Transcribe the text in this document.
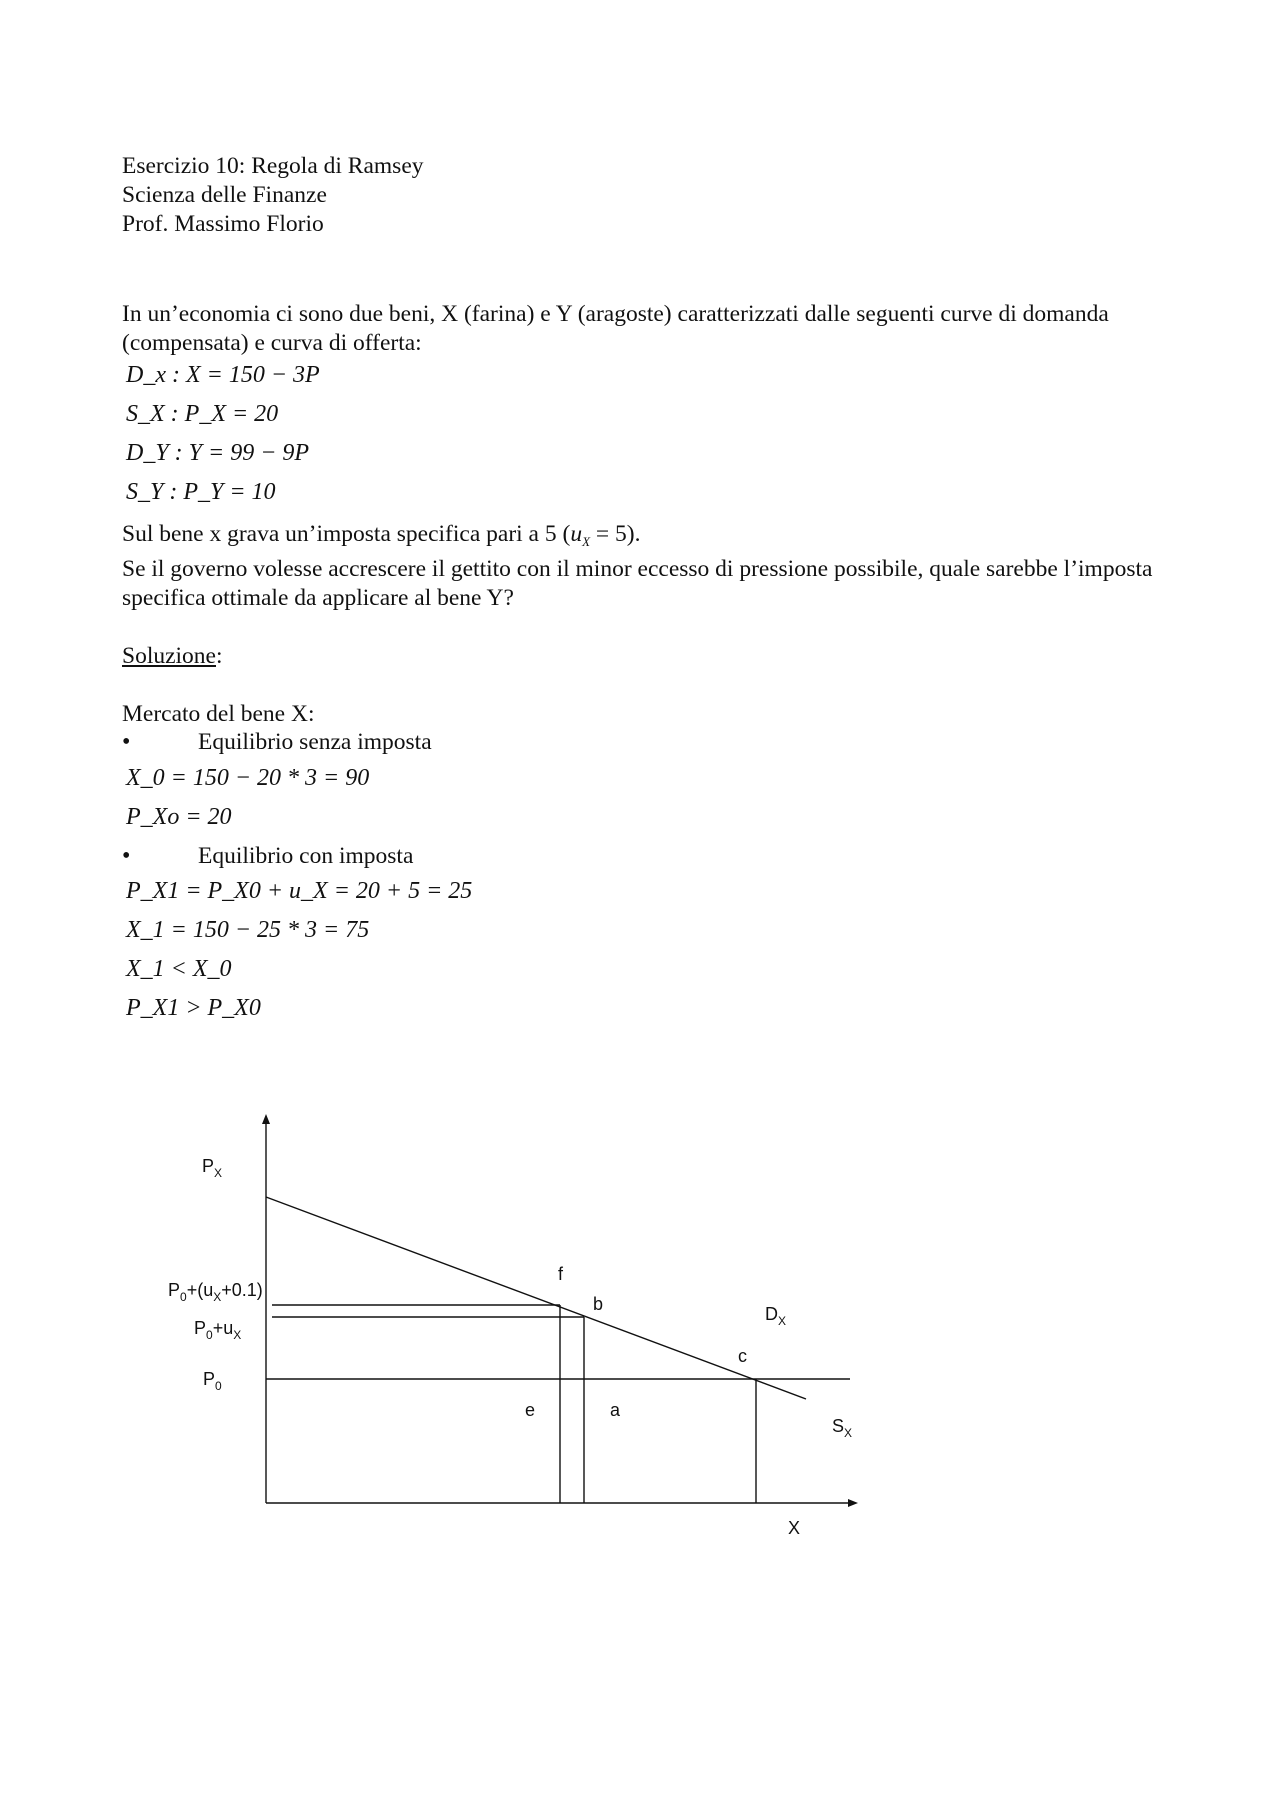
Esercizio 10: Regola di Ramsey
Scienza delle Finanze
Prof. Massimo Florio
In un’economia ci sono due beni, X (farina) e Y (aragoste) caratterizzati dalle seguenti curve di domanda (compensata) e curva di offerta:
D_x : X = 150 − 3P
S_X : P_X = 20
D_Y : Y = 99 − 9P
S_Y : P_Y = 10
Sul bene x grava un’imposta specifica pari a 5 $(u_X = 5)$.
Se il governo volesse accrescere il gettito con il minor eccesso di pressione possibile, quale sarebbe l’imposta specifica ottimale da applicare al bene Y?
Soluzione:
Mercato del bene X:
•	Equilibrio senza imposta
X_0 = 150 − 20 * 3 = 90
P_Xo = 20
•	Equilibrio con imposta
P_X1 = P_X0 + u_X = 20 + 5 = 25
X_1 = 150 − 25 * 3 = 75
X_1 < X_0
P_X1 > P_X0
$P_X$
X
$P_0+(u_X+0.1)$
$P_0+u_X$
$P_0$
$D_X$
$S_X$
f
b
c
e	a
